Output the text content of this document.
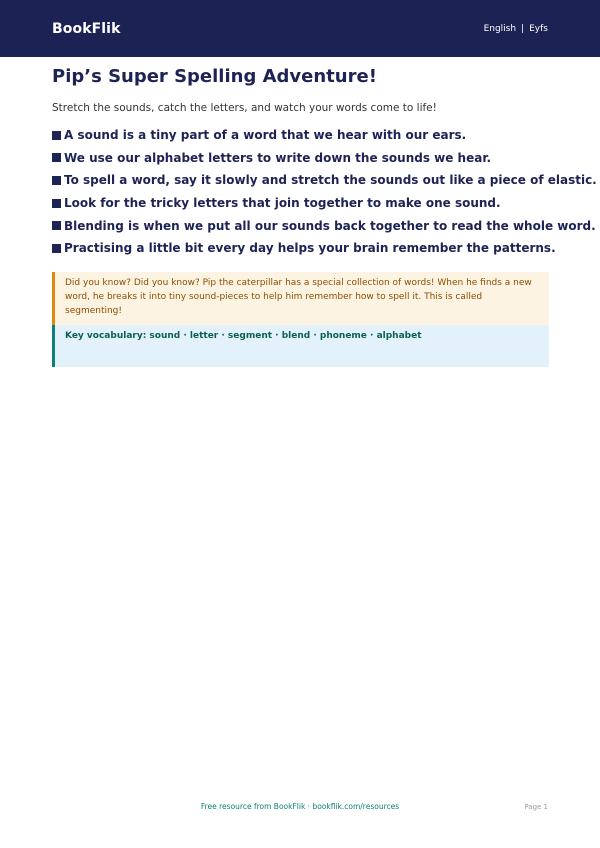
BookFlik	English | Eyfs
Pip’s Super Spelling Adventure!

Stretch the sounds, catch the letters, and watch your words come to life!

A sound is a tiny part of a word that we hear with our ears.
We use our alphabet letters to write down the sounds we hear.
To spell a word, say it slowly and stretch the sounds out like a piece of elastic.
Look for the tricky letters that join together to make one sound.
Blending is when we put all our sounds back together to read the whole word.
Practising a little bit every day helps your brain remember the patterns.

Did you know? Did you know? Pip the caterpillar has a special collection of words! When he finds a new word, he breaks it into tiny sound-pieces to help him remember how to spell it. This is called segmenting!

Key vocabulary: sound · letter · segment · blend · phoneme · alphabet

Free resource from BookFlik · bookflik.com/resources	Page 1
